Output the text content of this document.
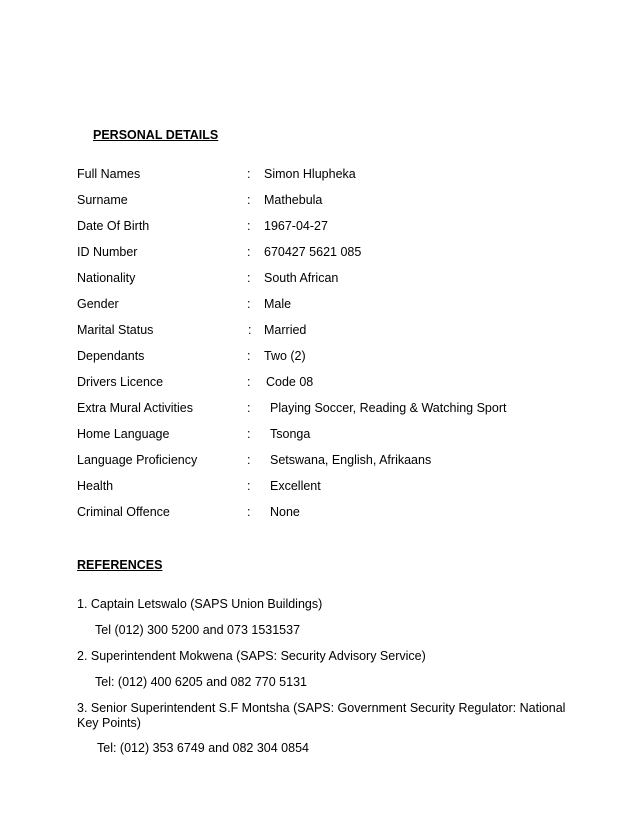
PERSONAL DETAILS
Full Names	: Simon Hlupheka
Surname	: Mathebula
Date Of Birth	: 1967-04-27
ID Number	: 670427 5621 085
Nationality	: South African
Gender	: Male
Marital Status	: Married
Dependants	: Two (2)
Drivers Licence	: Code 08
Extra Mural Activities	: Playing Soccer, Reading & Watching Sport
Home Language	: Tsonga
Language Proficiency	: Setswana, English, Afrikaans
Health	: Excellent
Criminal Offence	: None
REFERENCES
1. Captain Letswalo (SAPS Union Buildings)
Tel (012) 300 5200 and 073 1531537
2. Superintendent Mokwena (SAPS: Security Advisory Service)
Tel: (012) 400 6205 and 082 770 5131
3. Senior Superintendent S.F Montsha (SAPS: Government Security Regulator: National
Key Points)
Tel: (012) 353 6749 and 082 304 0854
